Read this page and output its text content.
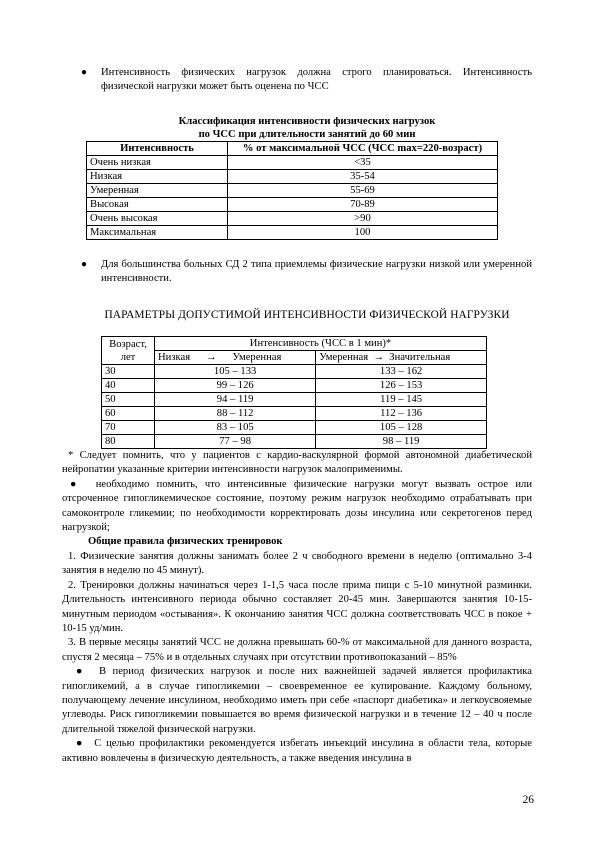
● Интенсивность физических нагрузок должна строго планироваться. Интенсивность физической нагрузки может быть оценена по ЧСС
Классификация интенсивности физических нагрузок
по ЧСС при длительности занятий до 60 мин
Интенсивность	% от максимальной ЧСС (ЧСС max=220-возраст)
Очень низкая	<35
Низкая	35-54
Умеренная	55-69
Высокая	70-89
Очень высокая	>90
Максимальная	100
● Для большинства больных СД 2 типа приемлемы физические нагрузки низкой или умеренной интенсивности.
ПАРАМЕТРЫ ДОПУСТИМОЙ ИНТЕНСИВНОСТИ ФИЗИЧЕСКОЙ НАГРУЗКИ
Возраст,
лет	Интенсивность (ЧСС в 1 мин)*	
	Низкая      →      Умеренная	Умеренная  →  Значительная
30	105 – 133	133 – 162
40	99 – 126	126 – 153
50	94 – 119	119 – 145
60	88 – 112	112 – 136
70	83 – 105	105 – 128
80	77 – 98	98 – 119
* Следует помнить, что у пациентов с кардио-васкулярной формой автономной диабетической нейропатии указанные критерии интенсивности нагрузок малоприменимы.
●  необходимо помнить, что интенсивные физические нагрузки могут вызвать острое или отсроченное гипогликемическое состояние, поэтому режим нагрузок необходимо отрабатывать при самоконтроле гликемии; по необходимости корректировать дозы инсулина или секретогенов перед нагрузкой;
Общие правила физических тренировок
1. Физические занятия должны занимать более 2 ч свободного времени в неделю (оптимально 3-4 занятия в неделю по 45 минут).
2. Тренировки должны начинаться через 1-1,5 часа после прима пищи с 5-10 минутной разминки. Длительность интенсивного периода обычно составляет 20-45 мин. Завершаются занятия 10-15-минутным периодом «остывания». К окончанию занятия ЧСС должна соответствовать ЧСС в покое + 10-15 уд/мин.
3. В первые месяцы занятий ЧСС не должна превышать 60-% от максимальной для данного возраста, спустя 2 месяца – 75% и в отдельных случаях при отсутствии противопоказаний – 85%
●  В период физических нагрузок и после них важнейшей задачей является профилактика гипогликемий, а в случае гипогликемии – своевременное ее купирование. Каждому больному, получающему лечение инсулином, необходимо иметь при себе «паспорт диабетика» и легкоусвояемые углеводы. Риск гипогликемии повышается во время физической нагрузки и в течение 12 – 40 ч после длительной тяжелой физической нагрузки.
●  С целью профилактики рекомендуется избегать инъекций инсулина в области тела, которые активно вовлечены в физическую деятельность, а также введения инсулина в
26
